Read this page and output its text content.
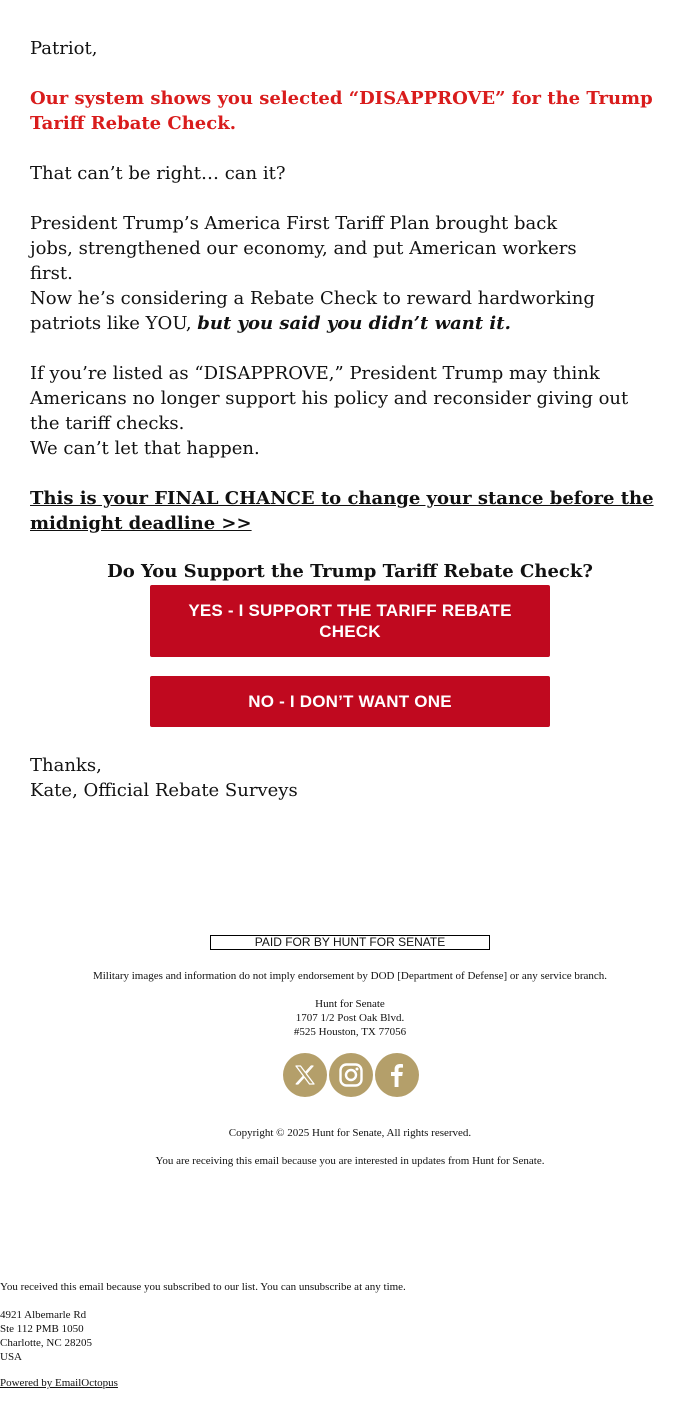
Patriot,

Our system shows you selected “DISAPPROVE” for the Trump Tariff Rebate Check.

That can’t be right… can it?

President Trump’s America First Tariff Plan brought back jobs, strengthened our economy, and put American workers first.

Now he’s considering a Rebate Check to reward hardworking patriots like YOU, but you said you didn’t want it.

If you’re listed as “DISAPPROVE,” President Trump may think Americans no longer support his policy and reconsider giving out the tariff checks.

We can’t let that happen.

This is your FINAL CHANCE to change your stance before the midnight deadline >>

Do You Support the Trump Tariff Rebate Check?
YES - I SUPPORT THE TARIFF REBATE CHECK
NO - I DON’T WANT ONE

Thanks,

Kate, Official Rebate Surveys

PAID FOR BY HUNT FOR SENATE
Military images and information do not imply endorsement by DOD [Department of Defense] or any service branch.
Hunt for Senate
1707 1/2 Post Oak Blvd.
#525 Houston, TX 77056
Copyright © 2025 Hunt for Senate, All rights reserved.
You are receiving this email because you are interested in updates from Hunt for Senate.
You received this email because you subscribed to our list. You can unsubscribe at any time.
4921 Albemarle Rd
Ste 112 PMB 1050
Charlotte, NC 28205
USA
Powered by EmailOctopus
